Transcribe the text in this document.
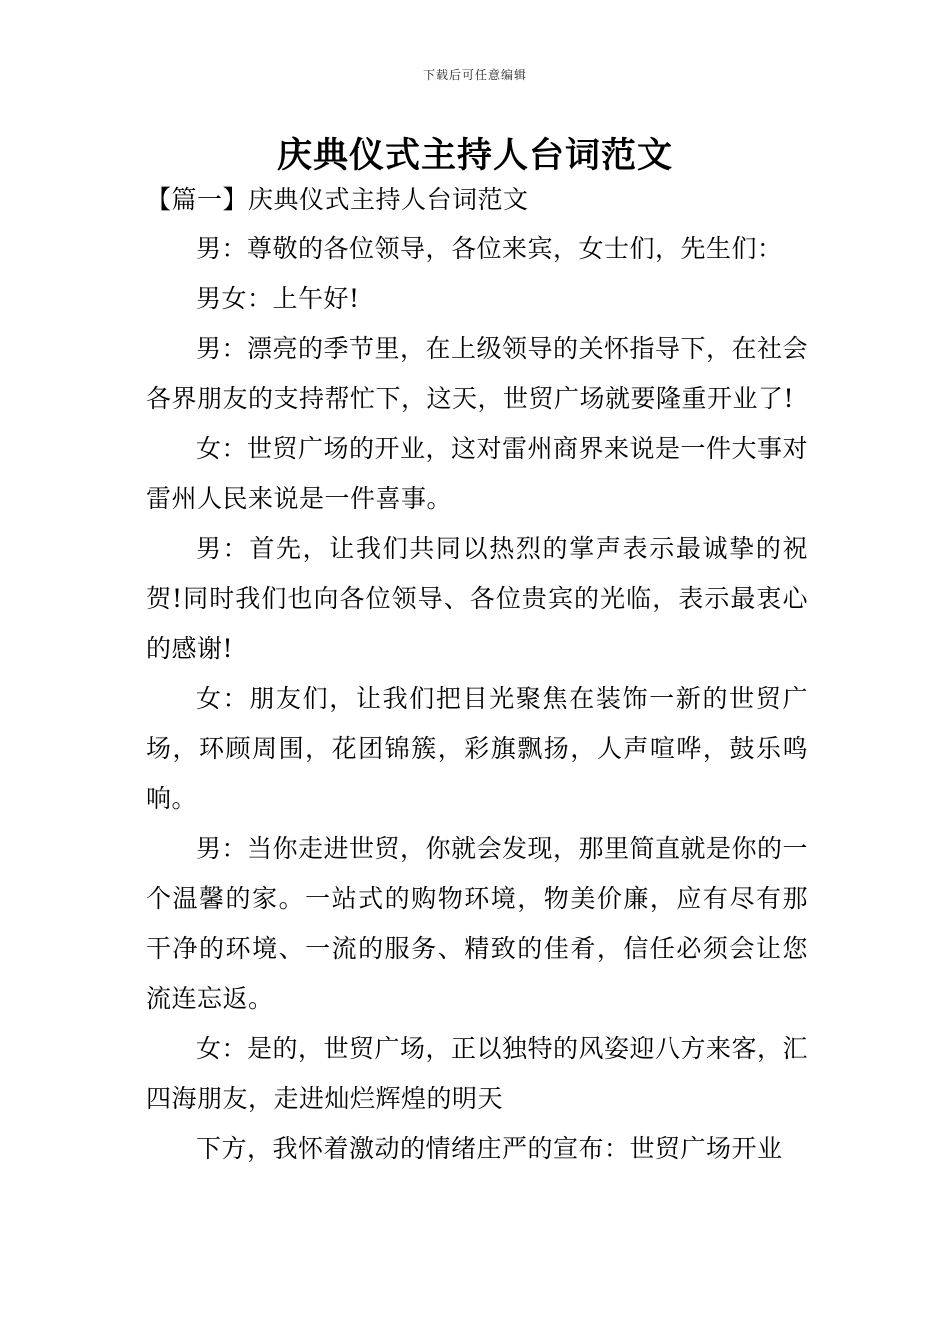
下载后可任意编辑
庆典仪式主持人台词范文
【篇一】庆典仪式主持人台词范文

男：尊敬的各位领导，各位来宾，女士们，先生们：

男女：上午好!

男：漂亮的季节里，在上级领导的关怀指导下，在社会各界朋友的支持帮忙下，这天，世贸广场就要隆重开业了!

女：世贸广场的开业，这对雷州商界来说是一件大事对雷州人民来说是一件喜事。

男：首先，让我们共同以热烈的掌声表示最诚挚的祝贺!同时我们也向各位领导、各位贵宾的光临，表示最衷心的感谢!

女：朋友们，让我们把目光聚焦在装饰一新的世贸广场，环顾周围，花团锦簇，彩旗飘扬，人声喧哗，鼓乐鸣响。

男：当你走进世贸，你就会发现，那里简直就是你的一个温馨的家。一站式的购物环境，物美价廉，应有尽有那干净的环境、一流的服务、精致的佳肴，信任必须会让您流连忘返。

女：是的，世贸广场，正以独特的风姿迎八方来客，汇四海朋友，走进灿烂辉煌的明天

下方，我怀着激动的情绪庄严的宣布：世贸广场开业
